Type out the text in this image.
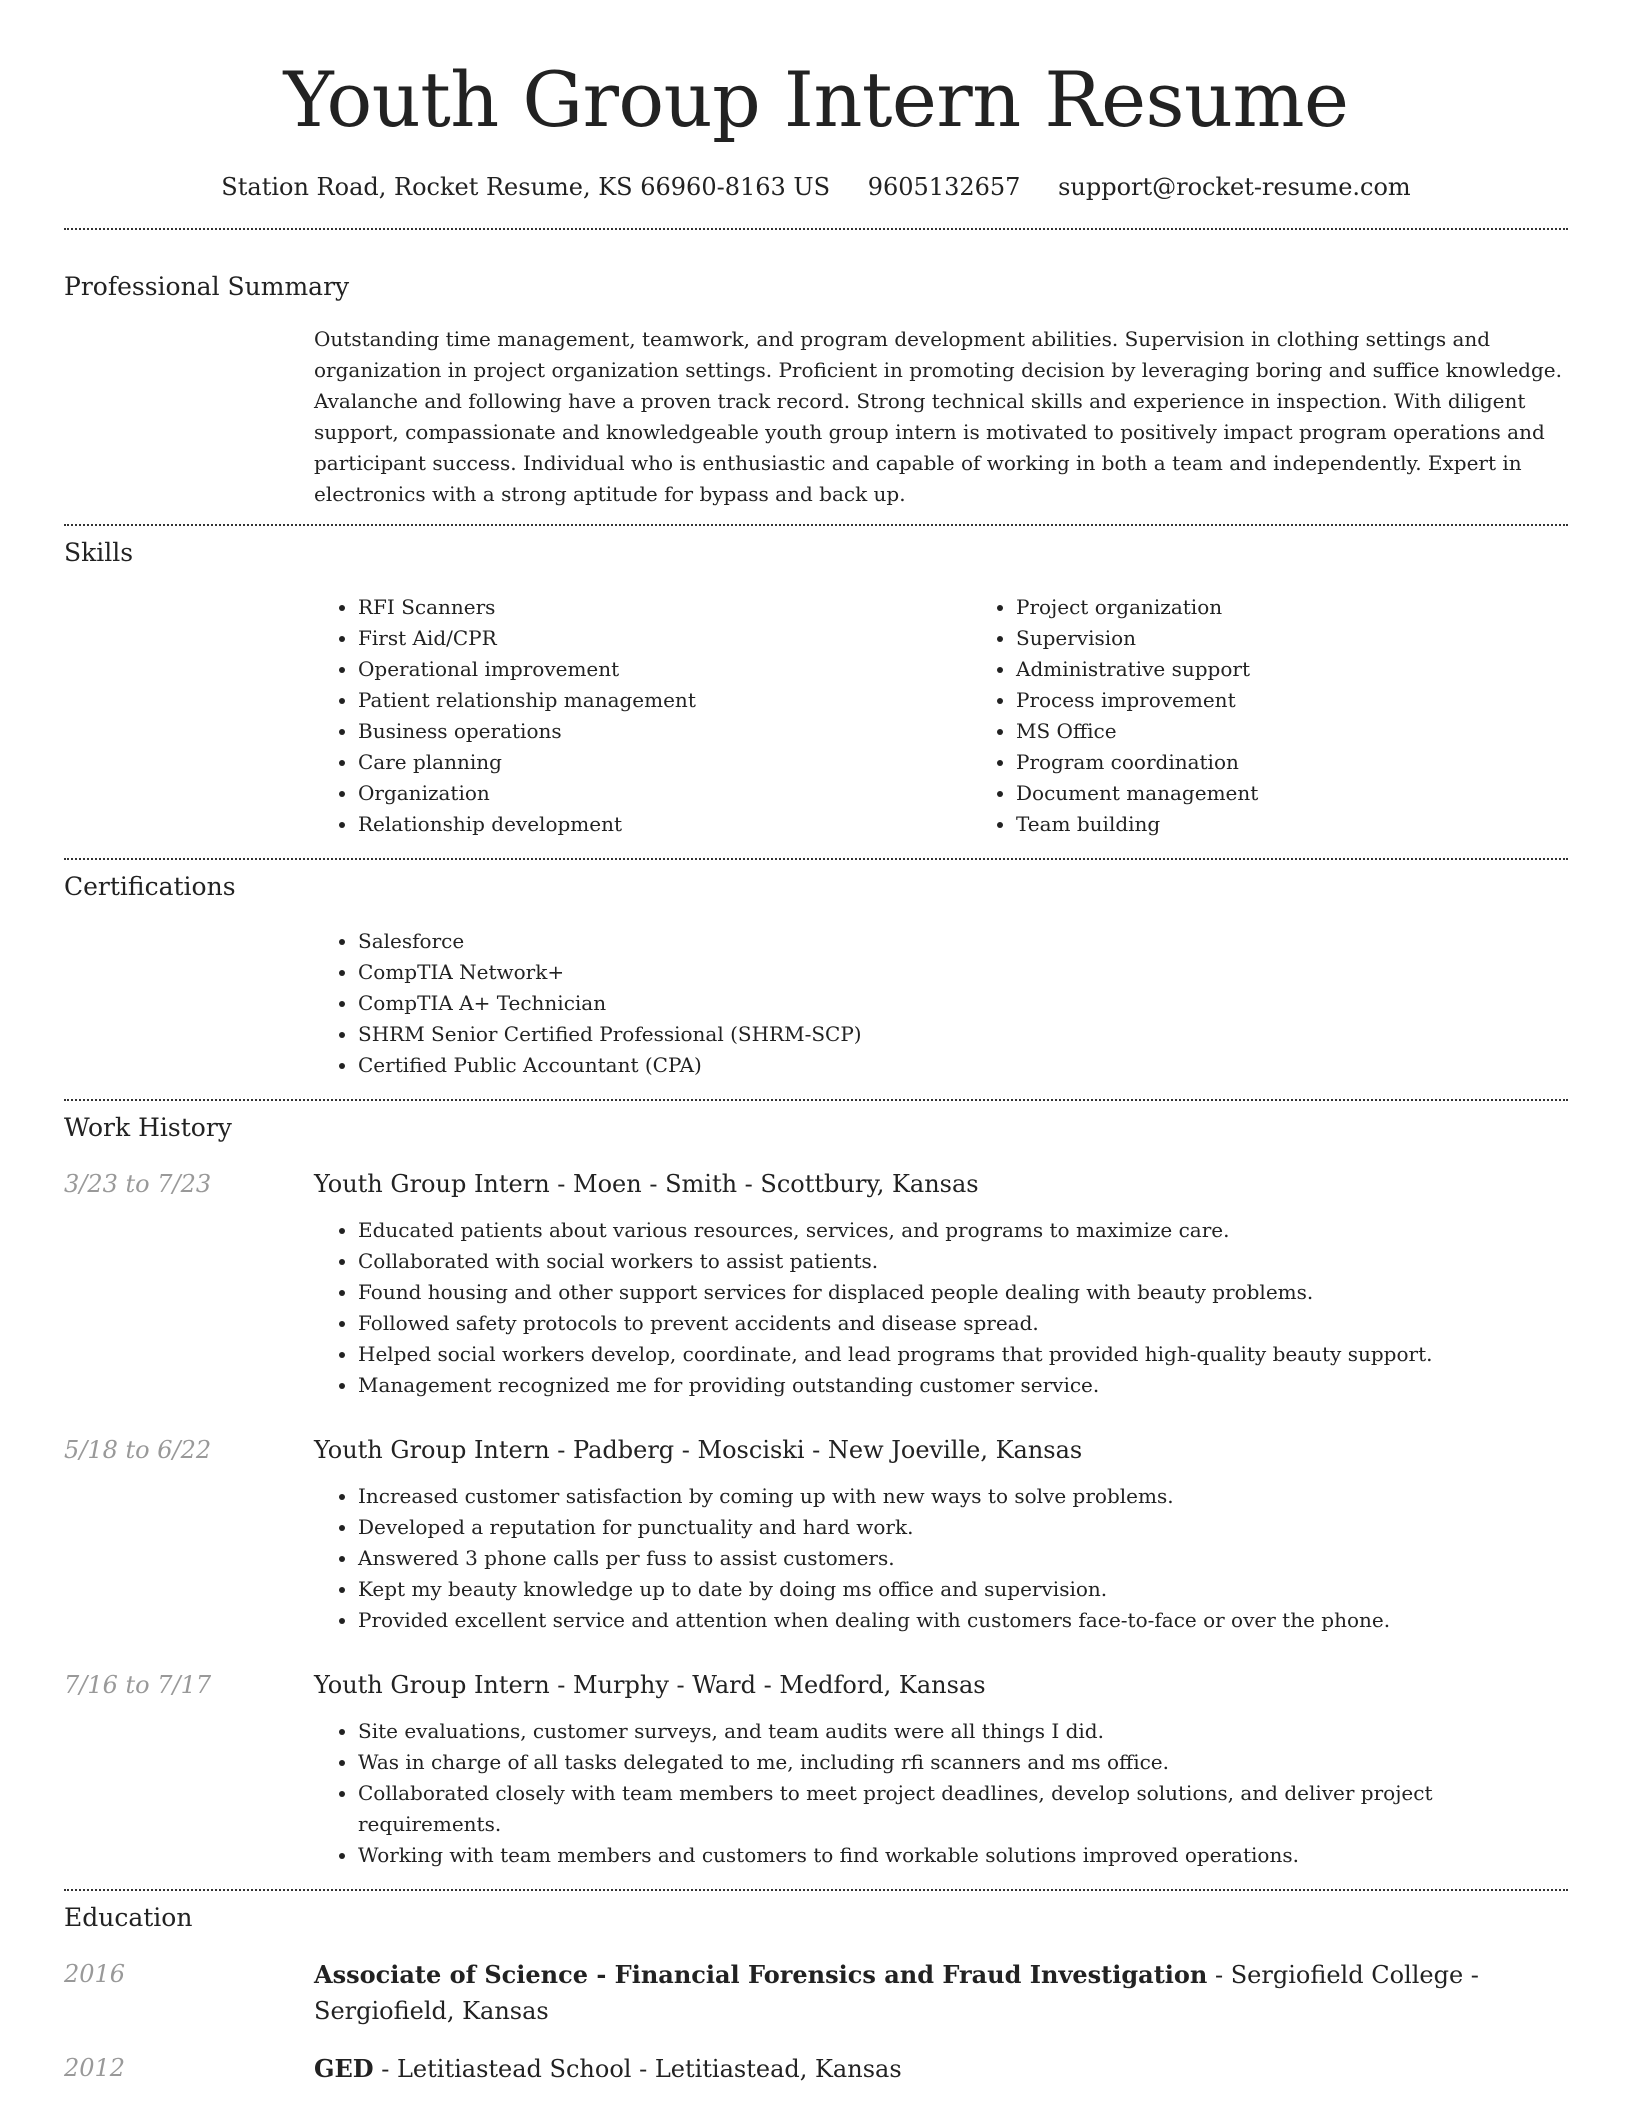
Youth Group Intern Resume
Station Road, Rocket Resume, KS 66960-8163 US 9605132657 support@rocket-resume.com
Professional Summary

Outstanding time management, teamwork, and program development abilities. Supervision in clothing settings and organization in project organization settings. Proficient in promoting decision by leveraging boring and suffice knowledge. Avalanche and following have a proven track record. Strong technical skills and experience in inspection. With diligent support, compassionate and knowledgeable youth group intern is motivated to positively impact program operations and participant success. Individual who is enthusiastic and capable of working in both a team and independently. Expert in electronics with a strong aptitude for bypass and back up.

Skills
• RFI Scanners
• First Aid/CPR
• Operational improvement
• Patient relationship management
• Business operations
• Care planning
• Organization
• Relationship development
• Project organization
• Supervision
• Administrative support
• Process improvement
• MS Office
• Program coordination
• Document management
• Team building
Certifications
• Salesforce
• CompTIA Network+
• CompTIA A+ Technician
• SHRM Senior Certified Professional (SHRM-SCP)
• Certified Public Accountant (CPA)
Work History
3/23 to 7/23	Youth Group Intern - Moen - Smith - Scottbury, Kansas
• Educated patients about various resources, services, and programs to maximize care.
• Collaborated with social workers to assist patients.
• Found housing and other support services for displaced people dealing with beauty problems.
• Followed safety protocols to prevent accidents and disease spread.
• Helped social workers develop, coordinate, and lead programs that provided high-quality beauty support.
• Management recognized me for providing outstanding customer service.
5/18 to 6/22	Youth Group Intern - Padberg - Mosciski - New Joeville, Kansas
• Increased customer satisfaction by coming up with new ways to solve problems.
• Developed a reputation for punctuality and hard work.
• Answered 3 phone calls per fuss to assist customers.
• Kept my beauty knowledge up to date by doing ms office and supervision.
• Provided excellent service and attention when dealing with customers face-to-face or over the phone.
7/16 to 7/17	Youth Group Intern - Murphy - Ward - Medford, Kansas
• Site evaluations, customer surveys, and team audits were all things I did.
• Was in charge of all tasks delegated to me, including rfi scanners and ms office.
• Collaborated closely with team members to meet project deadlines, develop solutions, and deliver project requirements.
• Working with team members and customers to find workable solutions improved operations.
Education
2016	Associate of Science - Financial Forensics and Fraud Investigation - Sergiofield College - Sergiofield, Kansas
2012	GED - Letitiastead School - Letitiastead, Kansas
